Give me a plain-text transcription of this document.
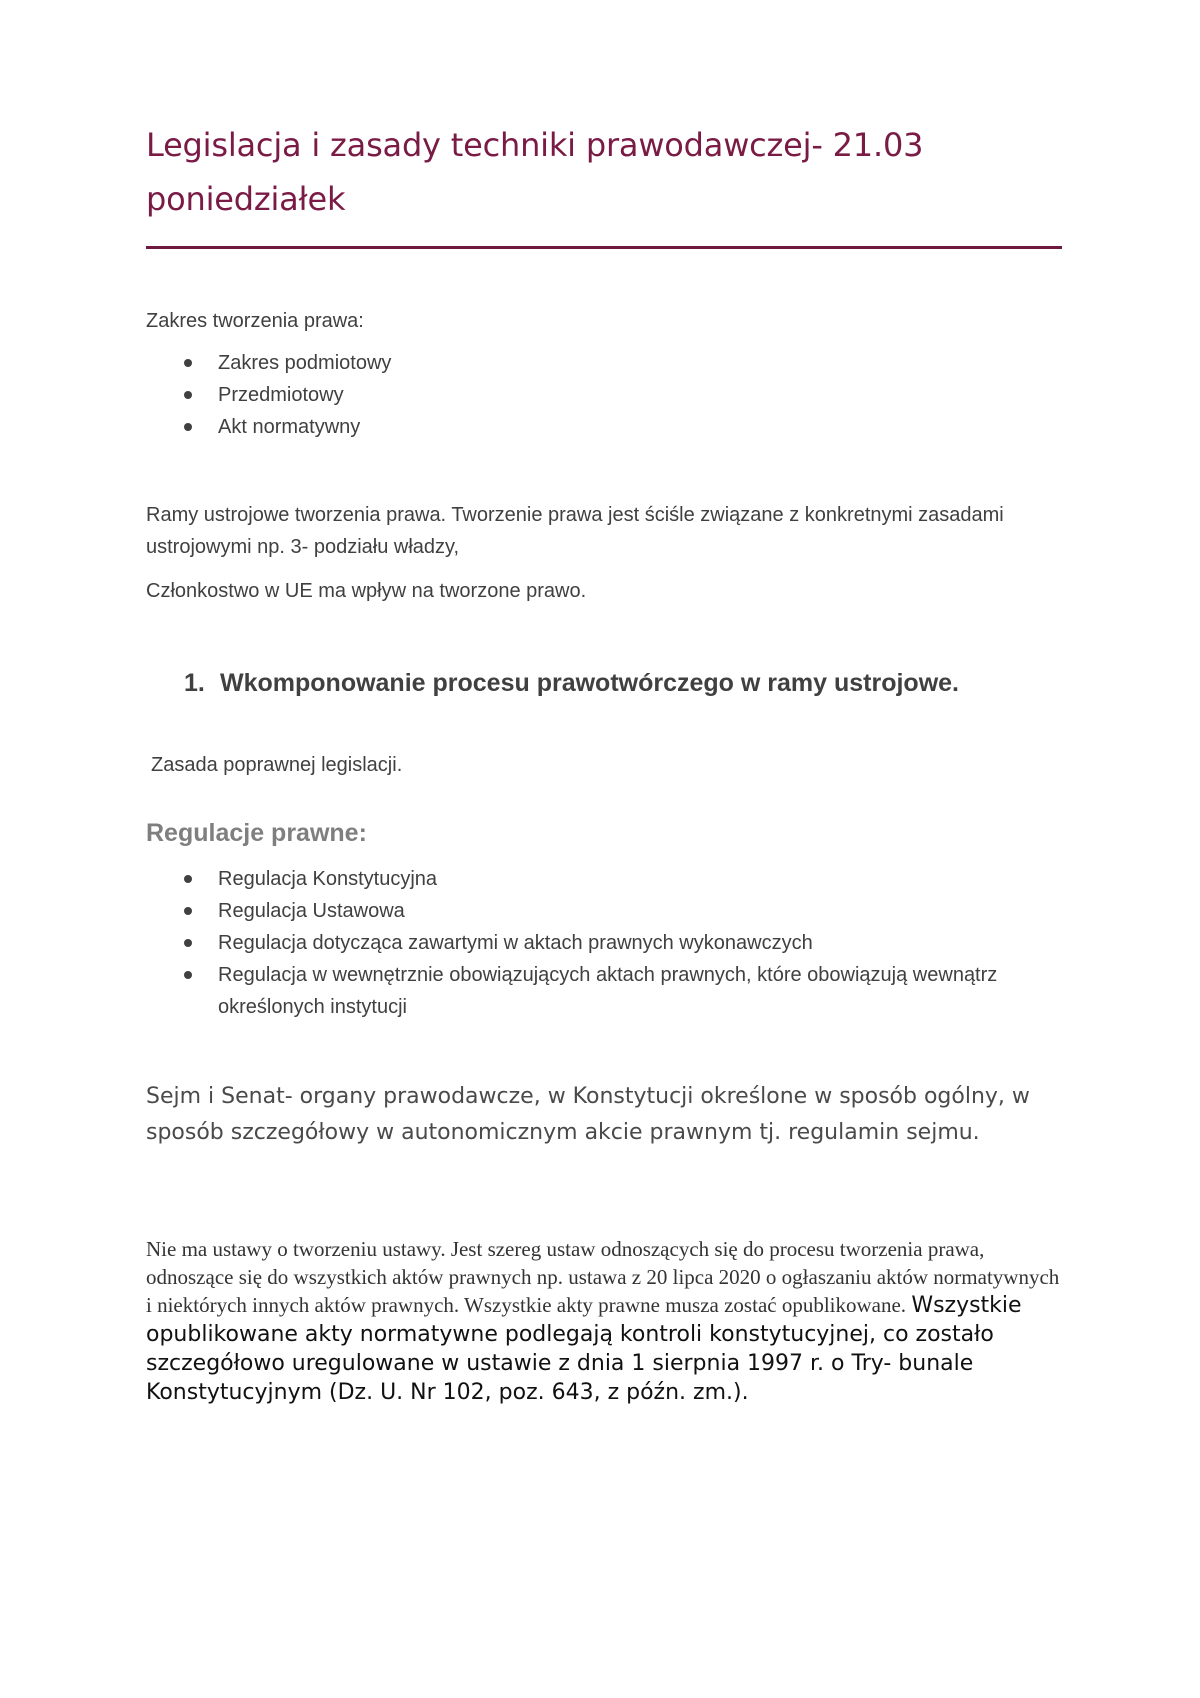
Legislacja i zasady techniki prawodawczej- 21.03 poniedziałek

Zakres tworzenia prawa:

Zakres podmiotowy
Przedmiotowy
Akt normatywny

Ramy ustrojowe tworzenia prawa. Tworzenie prawa jest ściśle związane z konkretnymi zasadami ustrojowymi np. 3- podziału władzy,

Członkostwo w UE ma wpływ na tworzone prawo.

1. Wkomponowanie procesu prawotwórczego w ramy ustrojowe.

Zasada poprawnej legislacji.

Regulacje prawne:
Regulacja Konstytucyjna
Regulacja Ustawowa
Regulacja dotycząca zawartymi w aktach prawnych wykonawczych
Regulacja w wewnętrznie obowiązujących aktach prawnych, które obowiązują wewnątrz określonych instytucji

Sejm i Senat- organy prawodawcze, w Konstytucji określone w sposób ogólny, w sposób szczegółowy w autonomicznym akcie prawnym tj. regulamin sejmu.

Nie ma ustawy o tworzeniu ustawy. Jest szereg ustaw odnoszących się do procesu tworzenia prawa, odnoszące się do wszystkich aktów prawnych np. ustawa z 20 lipca 2020 o ogłaszaniu aktów normatywnych i niektórych innych aktów prawnych. Wszystkie akty prawne musza zostać opublikowane. Wszystkie opublikowane akty normatywne podlegają kontroli konstytucyjnej, co zostało szczegółowo uregulowane w ustawie z dnia 1 sierpnia 1997 r. o Try- bunale Konstytucyjnym (Dz. U. Nr 102, poz. 643, z późn. zm.).
